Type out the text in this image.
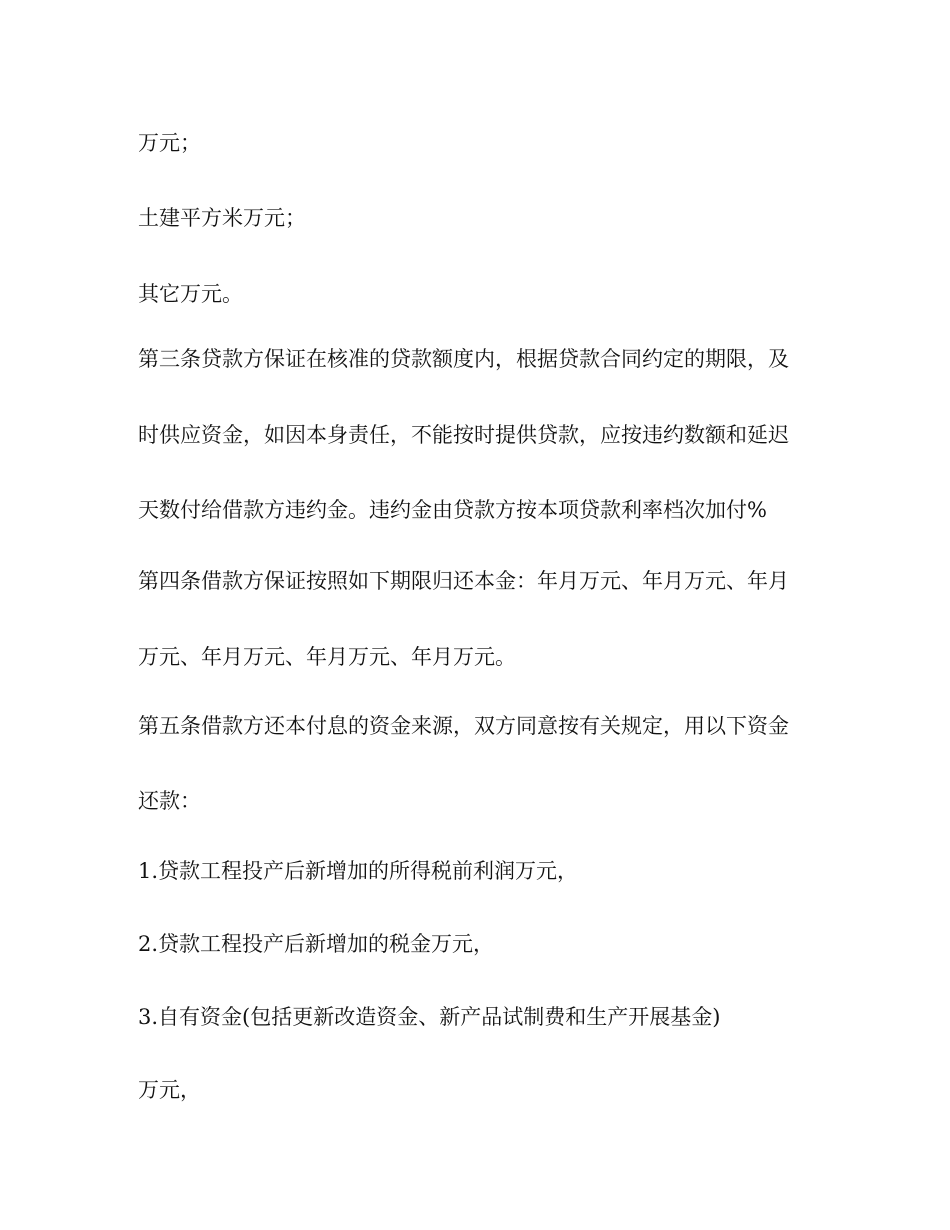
万元；

土建平方米万元；

其它万元。

第三条贷款方保证在核准的贷款额度内，根据贷款合同约定的期限，及

时供应资金，如因本身责任，不能按时提供贷款，应按违约数额和延迟

天数付给借款方违约金。违约金由贷款方按本项贷款利率档次加付%

第四条借款方保证按照如下期限归还本金：年月万元、年月万元、年月

万元、年月万元、年月万元、年月万元。

第五条借款方还本付息的资金来源，双方同意按有关规定，用以下资金

还款：

1.贷款工程投产后新增加的所得税前利润万元，

2.贷款工程投产后新增加的税金万元，

3.自有资金(包括更新改造资金、新产品试制费和生产开展基金)

万元，
